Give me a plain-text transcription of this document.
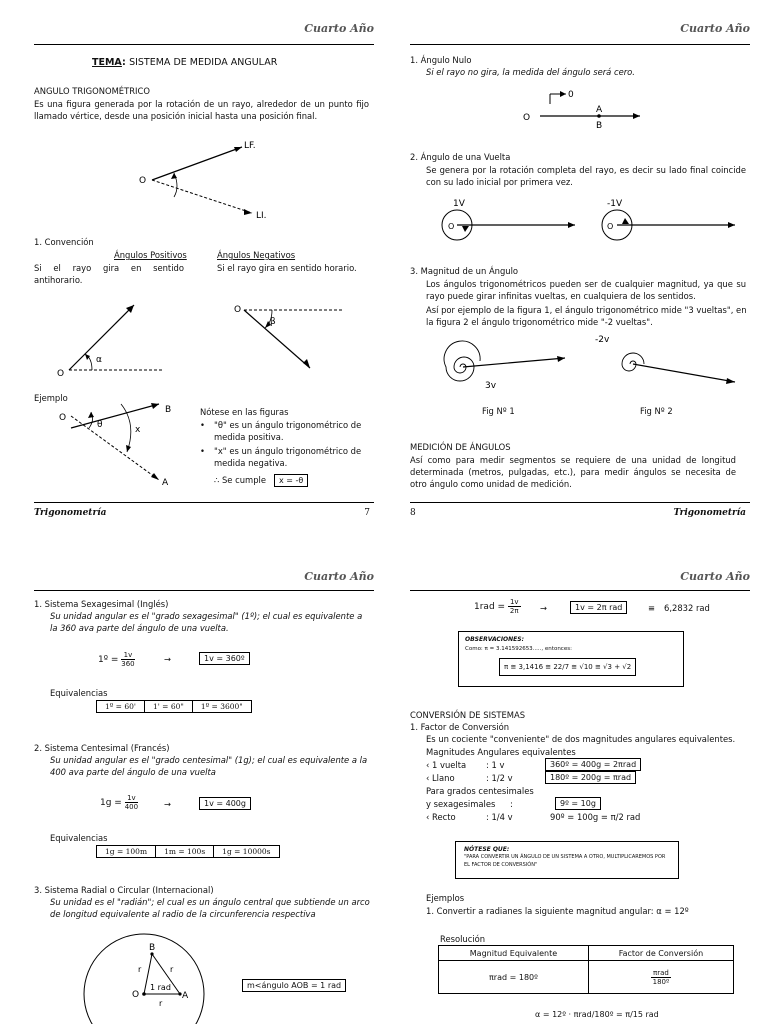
Cuarto Año
TEMA: SISTEMA DE MEDIDA ANGULAR
ANGULO TRIGONOMÉTRICO
Es una figura generada por la rotación de un rayo, alrededor de un punto fijo llamado vértice, desde una posición inicial hasta una posición final.
O
LF.
LI.
1. Convención
Ángulos Positivos	Ángulos Negativos
Si el rayo gira en sentido antihorario.
Si el rayo gira en sentido horario.
O
α
O
β
Ejemplo
O
B
A
θ	x
Nótese en las figuras
• "θ" es un ángulo trigonométrico de medida positiva.
• "x" es un ángulo trigonométrico de medida negativa.
∴ Se cumple	x = -θ
Trigonometría	7
Cuarto Año
1. Ángulo Nulo
Si el rayo no gira, la medida del ángulo será cero.
O
0
A
B
2. Ángulo de una Vuelta
Se genera por la rotación completa del rayo, es decir su lado final coincide con su lado inicial por primera vez.
O
1V
O
-1V
3. Magnitud de un Ángulo
Los ángulos trigonométricos pueden ser de cualquier magnitud, ya que su rayo puede girar infinitas vueltas, en cualquiera de los sentidos.
Así por ejemplo de la figura 1, el ángulo trigonométrico mide "3 vueltas", en la figura 2 el ángulo trigonométrico mide "-2 vueltas".
3v
-2v
Fig Nº 1	Fig Nº 2
MEDICIÓN DE ÁNGULOS
Así como para medir segmentos se requiere de una unidad de longitud determinada (metros, pulgadas, etc.), para medir ángulos se necesita de otro ángulo como unidad de medición.
8	Trigonometría
Cuarto Año
1. Sistema Sexagesimal (Inglés)
Su unidad angular es el "grado sexagesimal" (1º); el cual es equivalente a la 360 ava parte del ángulo de una vuelta.
1º = $\frac{1v}{360}$	→	1v = 360º
Equivalencias
1º = 60'	1' = 60"	1º = 3600"
2. Sistema Centesimal (Francés)
Su unidad angular es el "grado centesimal" (1g); el cual es equivalente a la 400 ava parte del ángulo de una vuelta
$1g = \frac{1v}{400}$	→	1v = 400g
Equivalencias
1g = 100m	1m = 100s	1g = 10000s
3. Sistema Radial o Circular (Internacional)
Su unidad es el "radián"; el cual es un ángulo central que subtiende un arco de longitud equivalente al radio de la circunferencia respectiva
B
O	A
r	r
r
1 rad	m<ángulo AOB = 1 rad
Cuarto Año
$1rad = \frac{1v}{2\pi}$ →	1v = 2π rad	≡ 6,2832 rad
OBSERVACIONES:
Como: π = 3.141592653....., entonces:
π ≅ 3,1416 ≅ 22/7 ≅ √10 ≅ √3 + √2
CONVERSIÓN DE SISTEMAS
1. Factor de Conversión
Es un cociente "conveniente" de dos magnitudes angulares equivalentes.
Magnitudes Angulares equivalentes
‹ 1 vuelta : 1 v	360º = 400g = 2πrad
‹ Llano	: 1/2 v	180º = 200g = πrad
Para grados centesimales
y sexagesimales :	9º = 10g
‹ Recto	: 1/4 v	90º = 100g = π/2 rad
NÓTESE QUE:
"PARA CONVERTIR UN ÁNGULO DE UN SISTEMA A OTRO, MULTIPLICAREMOS POR EL FACTOR DE CONVERSIÓN"
Ejemplos
1. Convertir a radianes la siguiente magnitud angular: α = 12º
Resolución
Magnitud Equivalente	Factor de Conversión
πrad = 180º	$\frac{\text{πrad}}{\text{180º}}$
α = 12º · πrad/180º = π/15 rad
